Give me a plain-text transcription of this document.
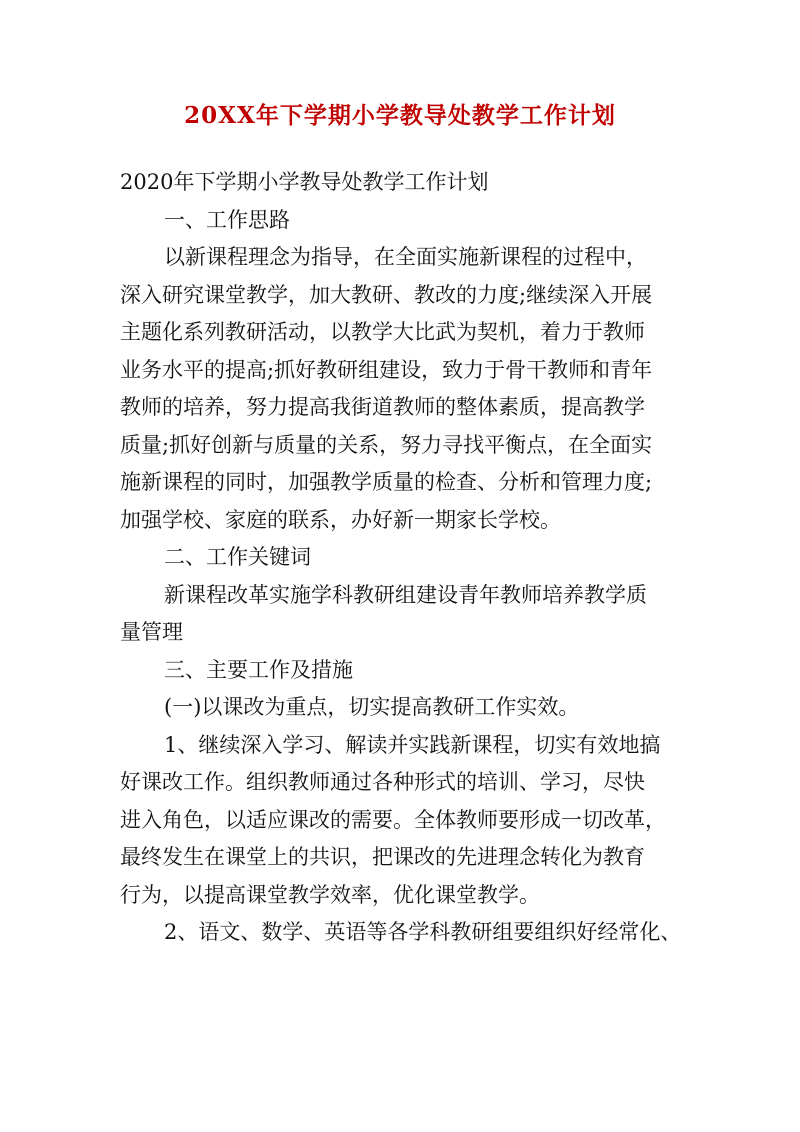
20XX年下学期小学教导处教学工作计划
2020年下学期小学教导处教学工作计划
一、工作思路
以新课程理念为指导，在全面实施新课程的过程中，
深入研究课堂教学，加大教研、教改的力度;继续深入开展
主题化系列教研活动，以教学大比武为契机，着力于教师
业务水平的提高;抓好教研组建设，致力于骨干教师和青年
教师的培养，努力提高我街道教师的整体素质，提高教学
质量;抓好创新与质量的关系，努力寻找平衡点，在全面实
施新课程的同时，加强教学质量的检查、分析和管理力度;
加强学校、家庭的联系，办好新一期家长学校。
二、工作关键词
新课程改革实施学科教研组建设青年教师培养教学质
量管理
三、主要工作及措施
(一)以课改为重点，切实提高教研工作实效。
1、继续深入学习、解读并实践新课程，切实有效地搞
好课改工作。组织教师通过各种形式的培训、学习，尽快
进入角色，以适应课改的需要。全体教师要形成一切改革，
最终发生在课堂上的共识，把课改的先进理念转化为教育
行为，以提高课堂教学效率，优化课堂教学。
2、语文、数学、英语等各学科教研组要组织好经常化、
